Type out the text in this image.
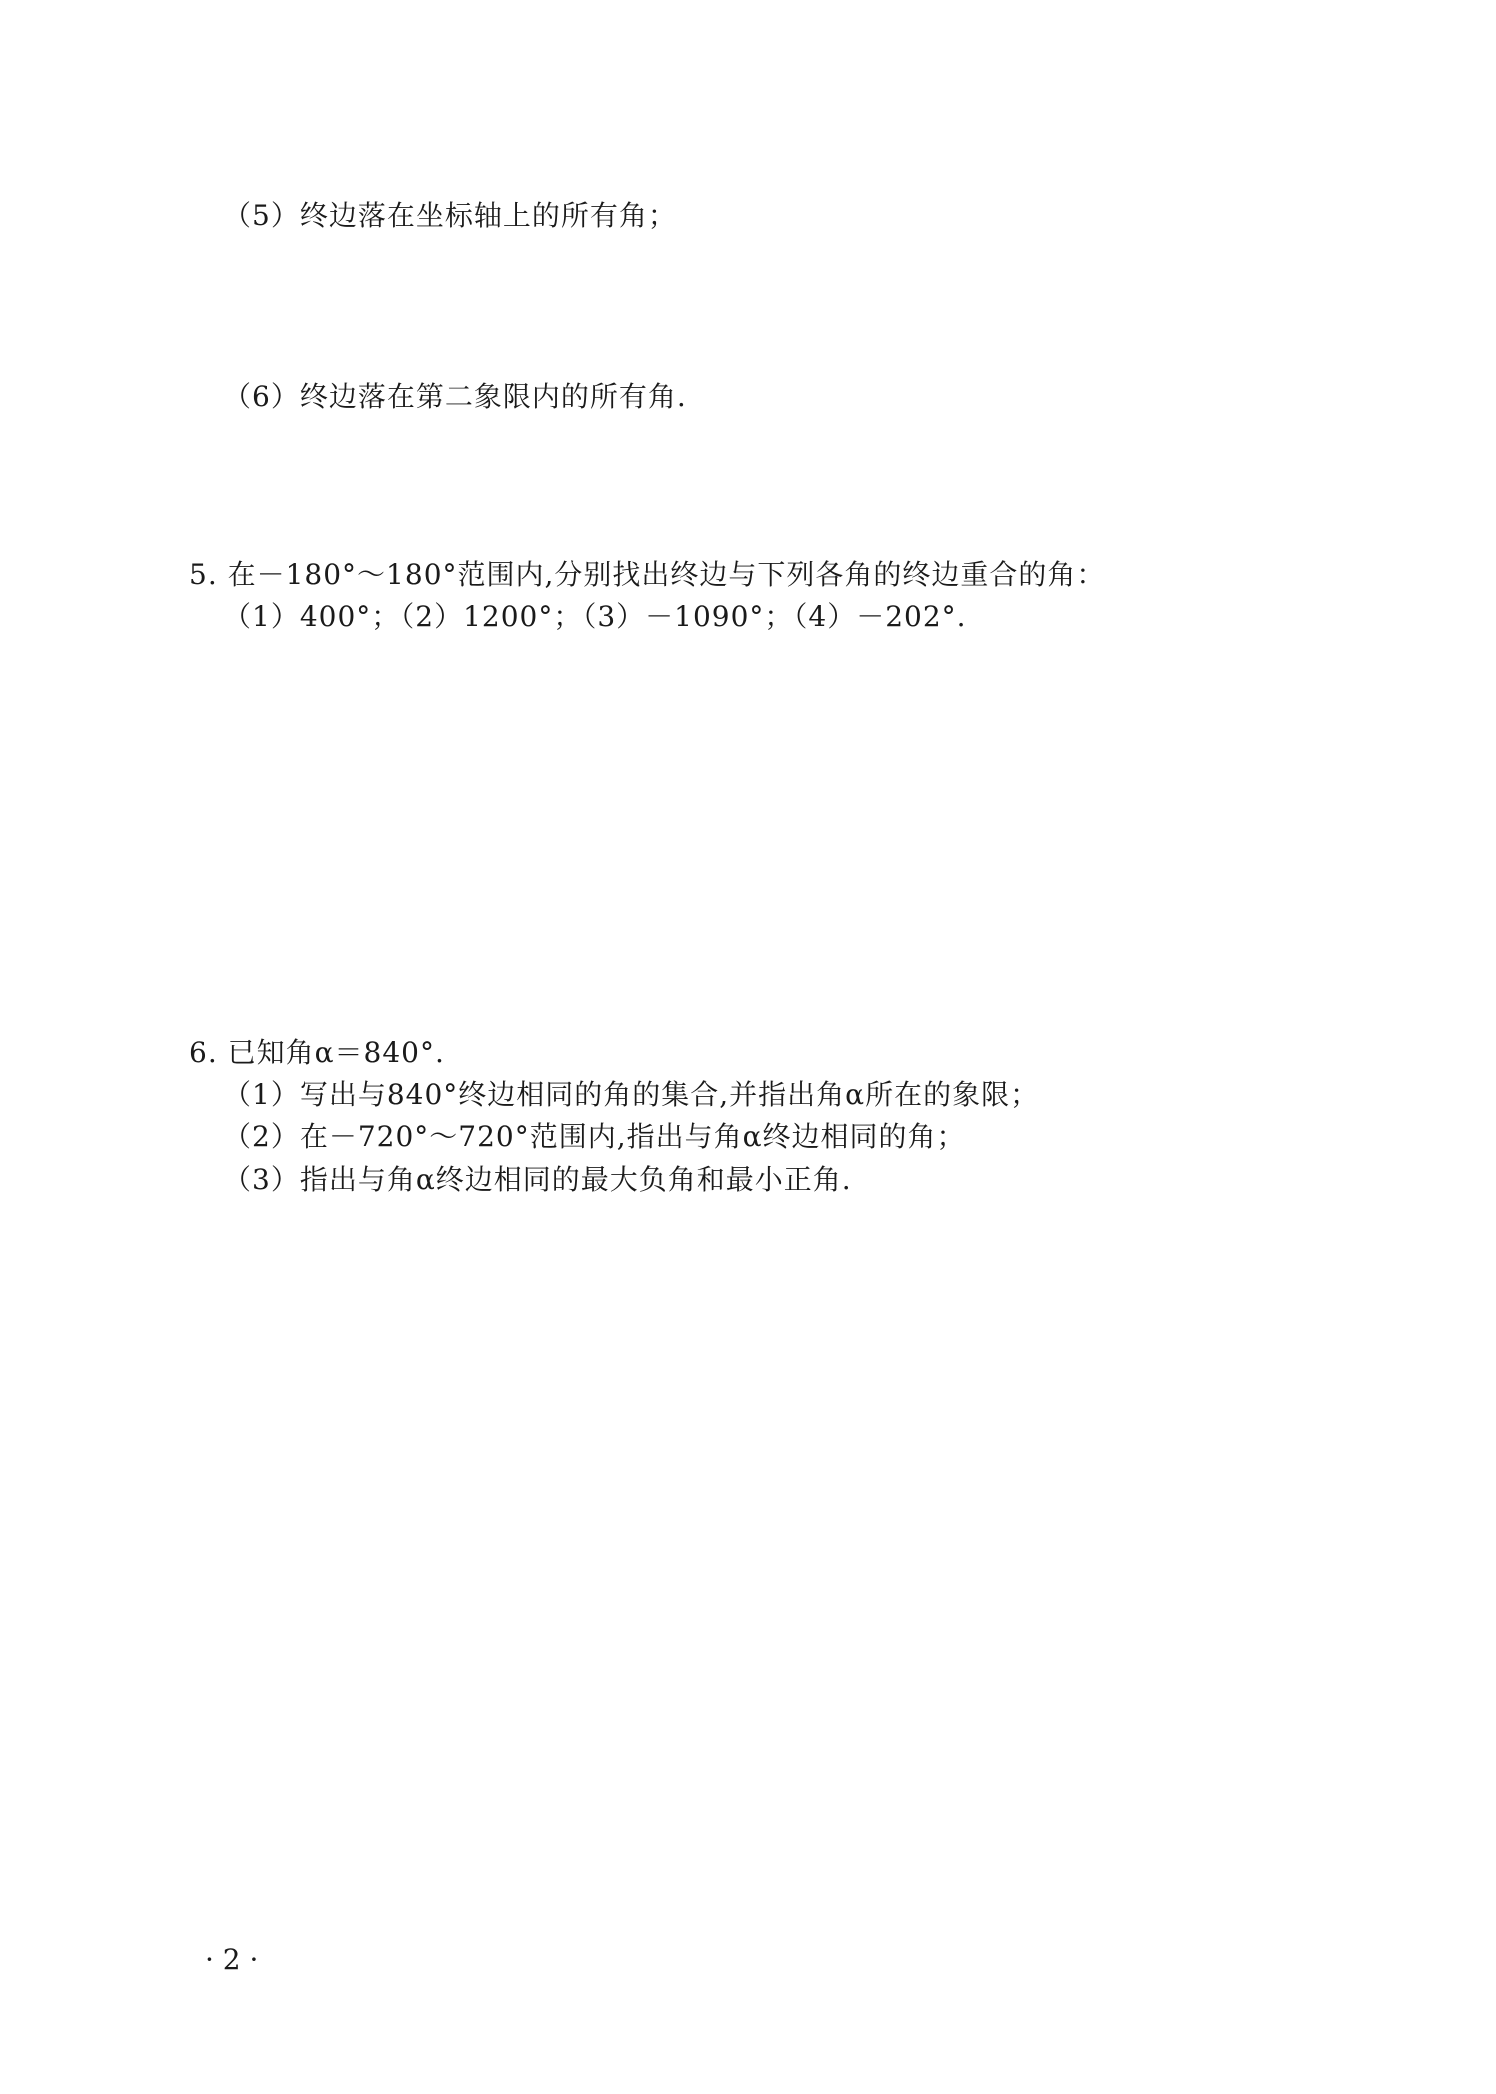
（5）终边落在坐标轴上的所有角；
（6）终边落在第二象限内的所有角.
5. 在－180°～180°范围内,分别找出终边与下列各角的终边重合的角：
（1）400°；（2）1200°；（3）－1090°；（4）－202°.
6. 已知角α＝840°.
（1）写出与840°终边相同的角的集合,并指出角α所在的象限；
（2）在－720°～720°范围内,指出与角α终边相同的角；
（3）指出与角α终边相同的最大负角和最小正角.
· 2 ·
